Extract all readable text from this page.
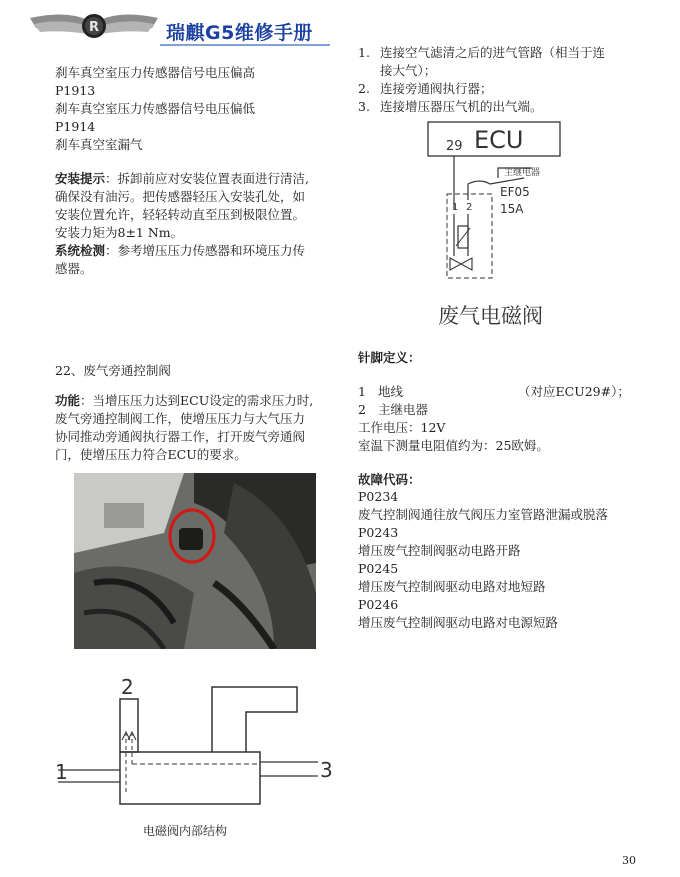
R	瑞麒G5维修手册
刹车真空室压力传感器信号电压偏高
P1913
刹车真空室压力传感器信号电压偏低
P1914
刹车真空室漏气
安装提示：拆卸前应对安装位置表面进行清洁,
确保没有油污。把传感器轻压入安装孔处，如
安装位置允许，轻轻转动直至压到极限位置。
安装力矩为8±1 Nm。
系统检测：参考增压压力传感器和环境压力传
感器。
22、废气旁通控制阀
功能：当增压压力达到ECU设定的需求压力时,
废气旁通控制阀工作，使增压压力与大气压力
协同推动旁通阀执行器工作，打开废气旁通阀
门，使增压压力符合ECU的要求。
2
1	3
电磁阀内部结构
1. 连接空气滤清之后的进气管路（相当于连
接大气）；
2. 连接旁通阀执行器；
3. 连接增压器压气机的出气端。
ECU
29
1 2
主继电器
EF05
15A
废气电磁阀
针脚定义：
1 地线	（对应ECU29#）；
2 主继电器
工作电压：12V
室温下测量电阻值约为：25欧姆。
故障代码：
P0234
废气控制阀通往放气阀压力室管路泄漏或脱落
P0243
增压废气控制阀驱动电路开路
P0245
增压废气控制阀驱动电路对地短路
P0246
增压废气控制阀驱动电路对电源短路
30
